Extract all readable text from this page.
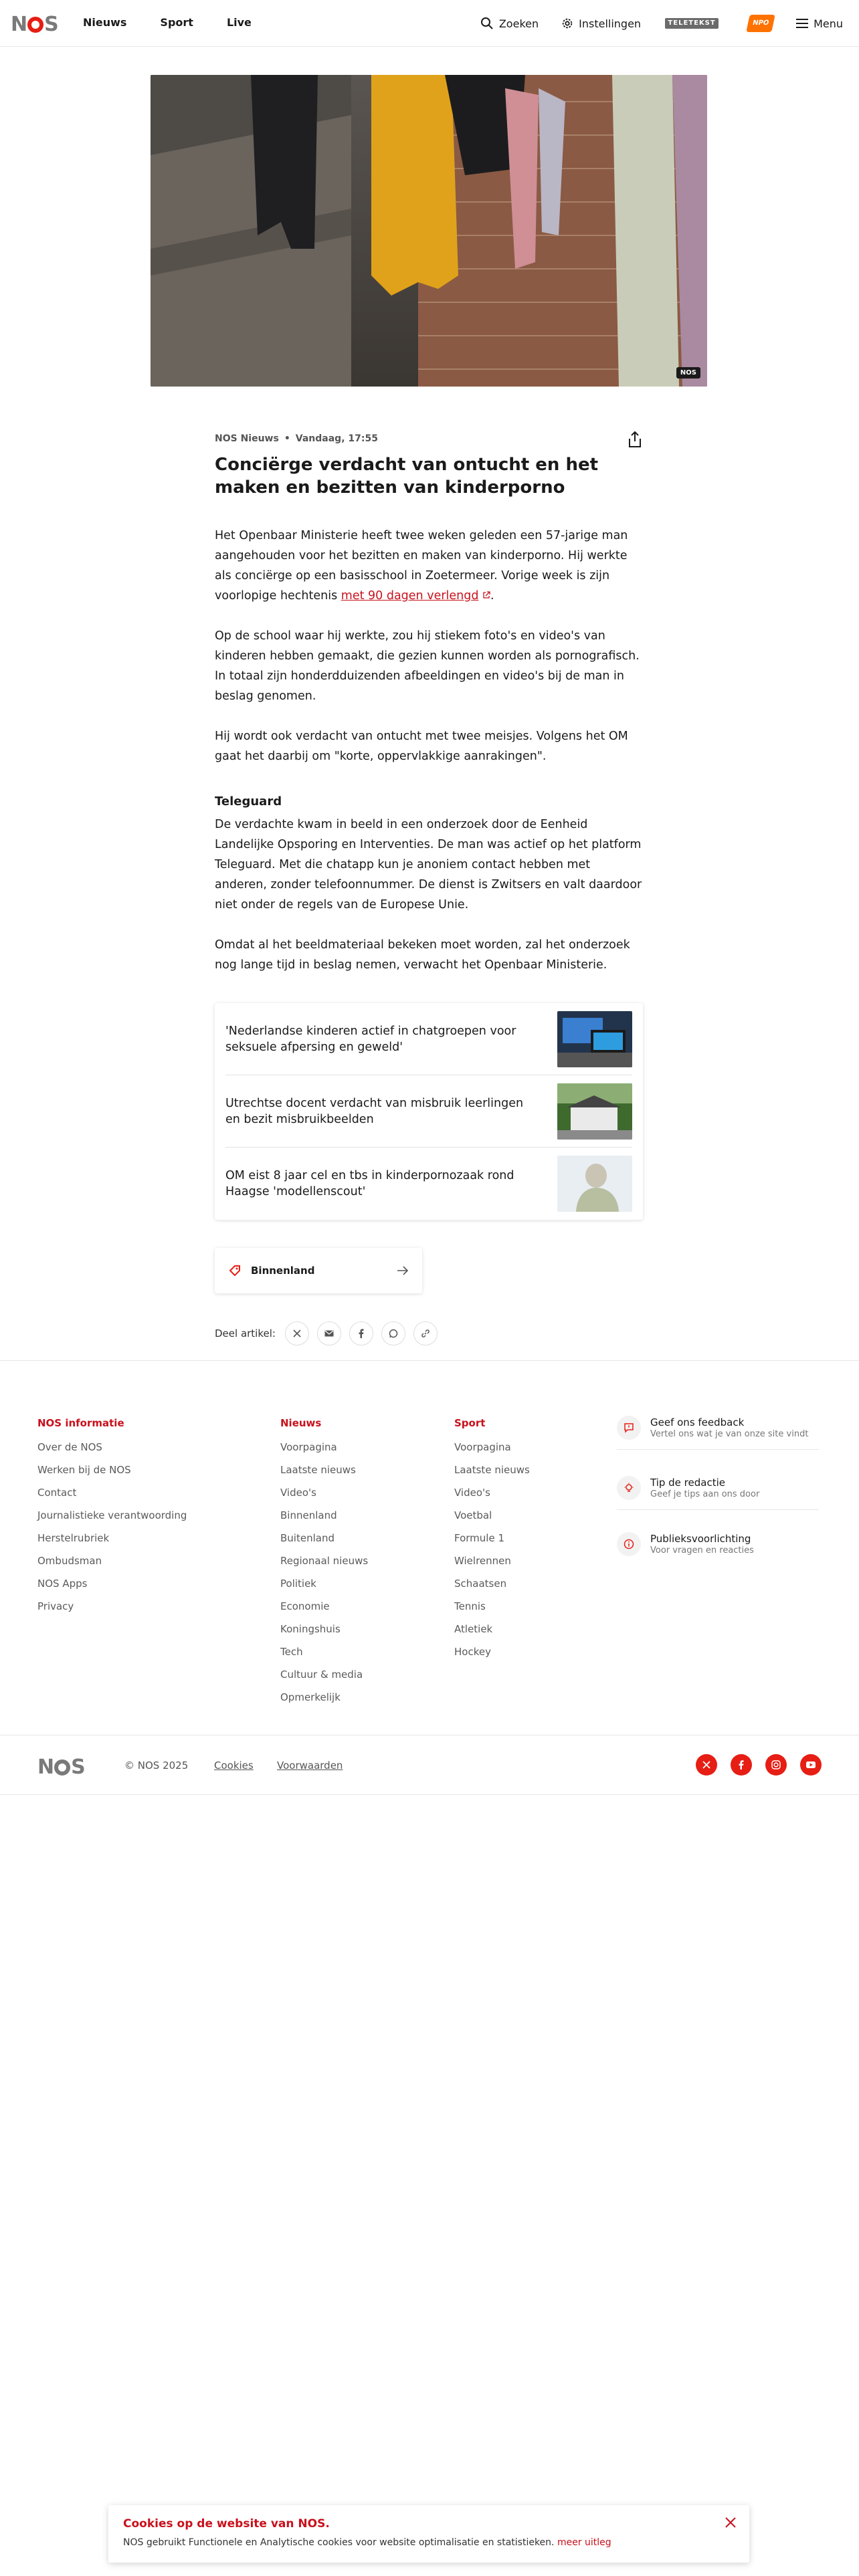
N S Nieuws	Sport	Live	Zoeken	Instellingen	TELETEKST	NPO	Menu
NOS
NOS Nieuws • Vandaag, 17:55
Conciërge verdacht van ontucht en het maken en bezitten van kinderporno

Het Openbaar Ministerie heeft twee weken geleden een 57-jarige man aangehouden voor het bezitten en maken van kinderporno. Hij werkte als conciërge op een basisschool in Zoetermeer. Vorige week is zijn voorlopige hechtenis met 90 dagen verlengd .

Op de school waar hij werkte, zou hij stiekem foto's en video's van kinderen hebben gemaakt, die gezien kunnen worden als pornografisch. In totaal zijn honderdduizenden afbeeldingen en video's bij de man in beslag genomen.

Hij wordt ook verdacht van ontucht met twee meisjes. Volgens het OM gaat het daarbij om "korte, oppervlakkige aanrakingen".

Teleguard

De verdachte kwam in beeld in een onderzoek door de Eenheid Landelijke Opsporing en Interventies. De man was actief op het platform Teleguard. Met die chatapp kun je anoniem contact hebben met anderen, zonder telefoonnummer. De dienst is Zwitsers en valt daardoor niet onder de regels van de Europese Unie.

Omdat al het beeldmateriaal bekeken moet worden, zal het onderzoek nog lange tijd in beslag nemen, verwacht het Openbaar Ministerie.

'Nederlandse kinderen actief in chatgroepen voor seksuele afpersing en geweld'
Utrechtse docent verdacht van misbruik leerlingen en bezit misbruikbeelden
OM eist 8 jaar cel en tbs in kinderpornozaak rond Haagse 'modellenscout'
Binnenland
Deel artikel:
NOS informatie
Over de NOS
Werken bij de NOS
Contact
Journalistieke verantwoording
Herstelrubriek
Ombudsman
NOS Apps
Privacy
Nieuws
Voorpagina
Laatste nieuws
Video's
Binnenland
Buitenland
Regionaal nieuws
Politiek
Economie
Koningshuis
Tech
Cultuur & media
Opmerkelijk
Sport
Voorpagina
Laatste nieuws
Video's
Voetbal
Formule 1
Wielrennen
Schaatsen
Tennis
Atletiek
Hockey
Geef ons feedback
Vertel ons wat je van onze site vindt
Tip de redactie
Geef je tips aan ons door
Publieksvoorlichting
Voor vragen en reacties
N S	© NOS 2025	Cookies Voorwaarden
Cookies op de website van NOS.
NOS gebruikt Functionele en Analytische cookies voor website optimalisatie en statistieken. meer uitleg
